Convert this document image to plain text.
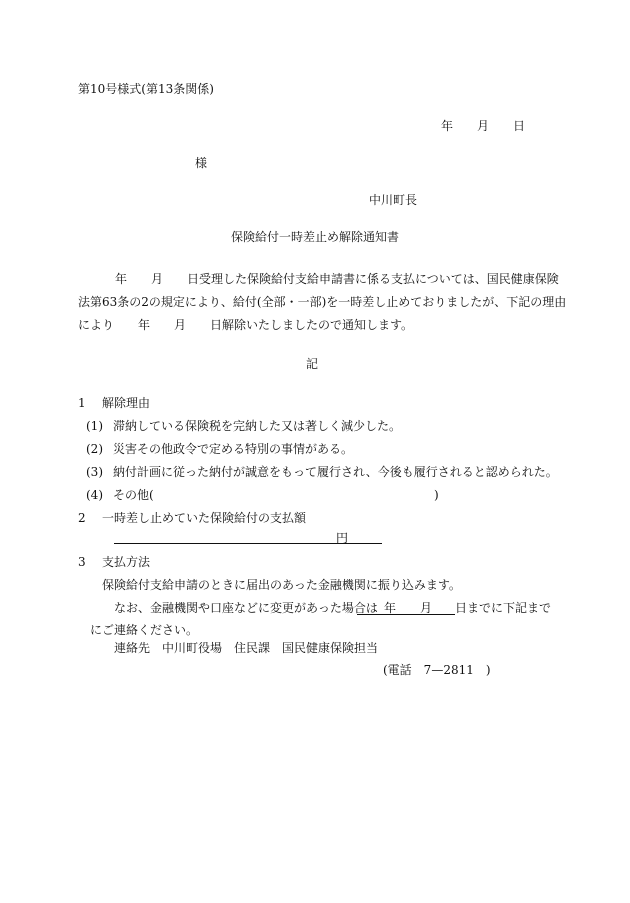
第10号様式(第13条関係)
年　　月　　日
様
中川町長
保険給付一時差止め解除通知書
年　　月　　日受理した保険給付支給申請書に係る支払については、国民健康保険
法第63条の2の規定により、給付(全部・一部)を一時差し止めておりましたが、下記の理由
により　　年　　月　　日解除いたしましたので通知します。
記
1 解除理由
(1) 滞納している保険税を完納した又は著しく減少した。
(2) 災害その他政令で定める特別の事情がある。
(3) 納付計画に従った納付が誠意をもって履行され、今後も履行されると認められた。
(4) その他(	)
2 一時差し止めていた保険給付の支払額
円
3 支払方法
保険給付支給申請のときに届出のあった金融機関に振り込みます。
なお、金融機関や口座などに変更があった場合は 年 月 日までに下記まで
にご連絡ください。
連絡先　中川町役場　住民課　国民健康保険担当
(電話　7—2811　)
